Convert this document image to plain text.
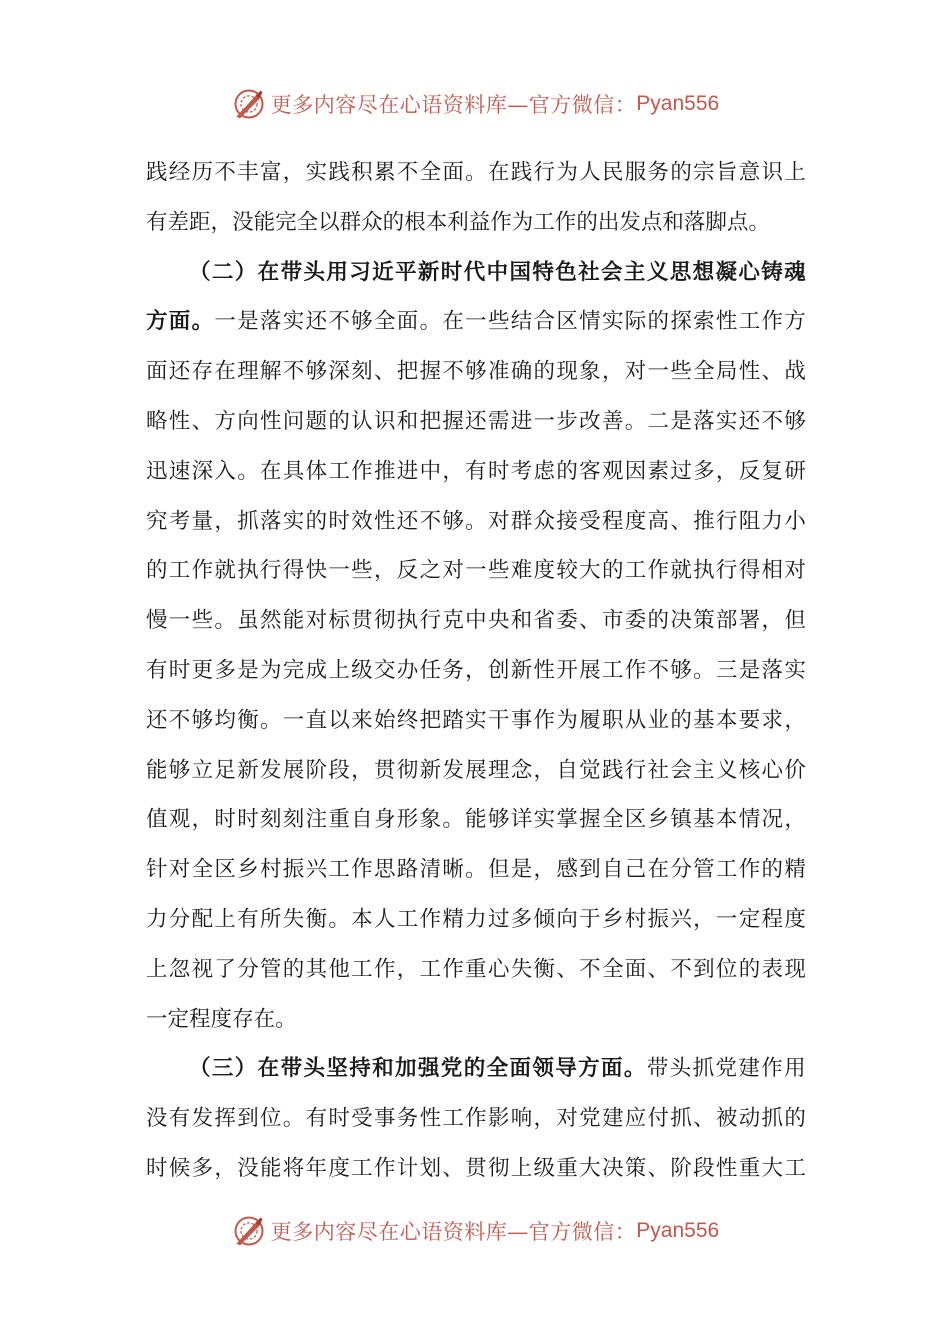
更多内容尽在心语资料库—官方微信： Pyan556
践 经 历 不 丰 富 ， 实 践 积 累 不 全 面 。 在 践 行 为 人 民 服 务 的 宗 旨 意 识 上
有 差 距 ， 没 能 完 全 以 群 众 的 根 本 利 益 作 为 工 作 的 出 发 点 和 落 脚 点 。
（ 二 ） 在 带 头 用 习 近 平 新 时 代 中 国 特 色 社 会 主 义 思 想 凝 心 铸 魂
方 面 。 一 是 落 实 还 不 够 全 面 。 在 一 些 结 合 区 情 实 际 的 探 索 性 工 作 方
面 还 存 在 理 解 不 够 深 刻 、 把 握 不 够 准 确 的 现 象 ， 对 一 些 全 局 性 、 战
略 性 、 方 向 性 问 题 的 认 识 和 把 握 还 需 进 一 步 改 善 。 二 是 落 实 还 不 够
迅 速 深 入 。 在 具 体 工 作 推 进 中 ， 有 时 考 虑 的 客 观 因 素 过 多 ， 反 复 研
究 考 量 ， 抓 落 实 的 时 效 性 还 不 够 。 对 群 众 接 受 程 度 高 、 推 行 阻 力 小
的 工 作 就 执 行 得 快 一 些 ， 反 之 对 一 些 难 度 较 大 的 工 作 就 执 行 得 相 对
慢 一 些 。 虽 然 能 对 标 贯 彻 执 行 克 中 央 和 省 委 、 市 委 的 决 策 部 署 ， 但
有 时 更 多 是 为 完 成 上 级 交 办 任 务 ， 创 新 性 开 展 工 作 不 够 。 三 是 落 实
还 不 够 均 衡 。 一 直 以 来 始 终 把 踏 实 干 事 作 为 履 职 从 业 的 基 本 要 求 ，
能 够 立 足 新 发 展 阶 段 ， 贯 彻 新 发 展 理 念 ， 自 觉 践 行 社 会 主 义 核 心 价
值 观 ， 时 时 刻 刻 注 重 自 身 形 象 。 能 够 详 实 掌 握 全 区 乡 镇 基 本 情 况 ，
针 对 全 区 乡 村 振 兴 工 作 思 路 清 晰 。 但 是 ， 感 到 自 己 在 分 管 工 作 的 精
力 分 配 上 有 所 失 衡 。 本 人 工 作 精 力 过 多 倾 向 于 乡 村 振 兴 ， 一 定 程 度
上 忽 视 了 分 管 的 其 他 工 作 ， 工 作 重 心 失 衡 、 不 全 面 、 不 到 位 的 表 现
一 定 程 度 存 在 。
（ 三 ） 在 带 头 坚 持 和 加 强 党 的 全 面 领 导 方 面 。 带 头 抓 党 建 作 用
没 有 发 挥 到 位 。 有 时 受 事 务 性 工 作 影 响 ， 对 党 建 应 付 抓 、 被 动 抓 的
时 候 多 ， 没 能 将 年 度 工 作 计 划 、 贯 彻 上 级 重 大 决 策 、 阶 段 性 重 大 工
更多内容尽在心语资料库—官方微信： Pyan556
